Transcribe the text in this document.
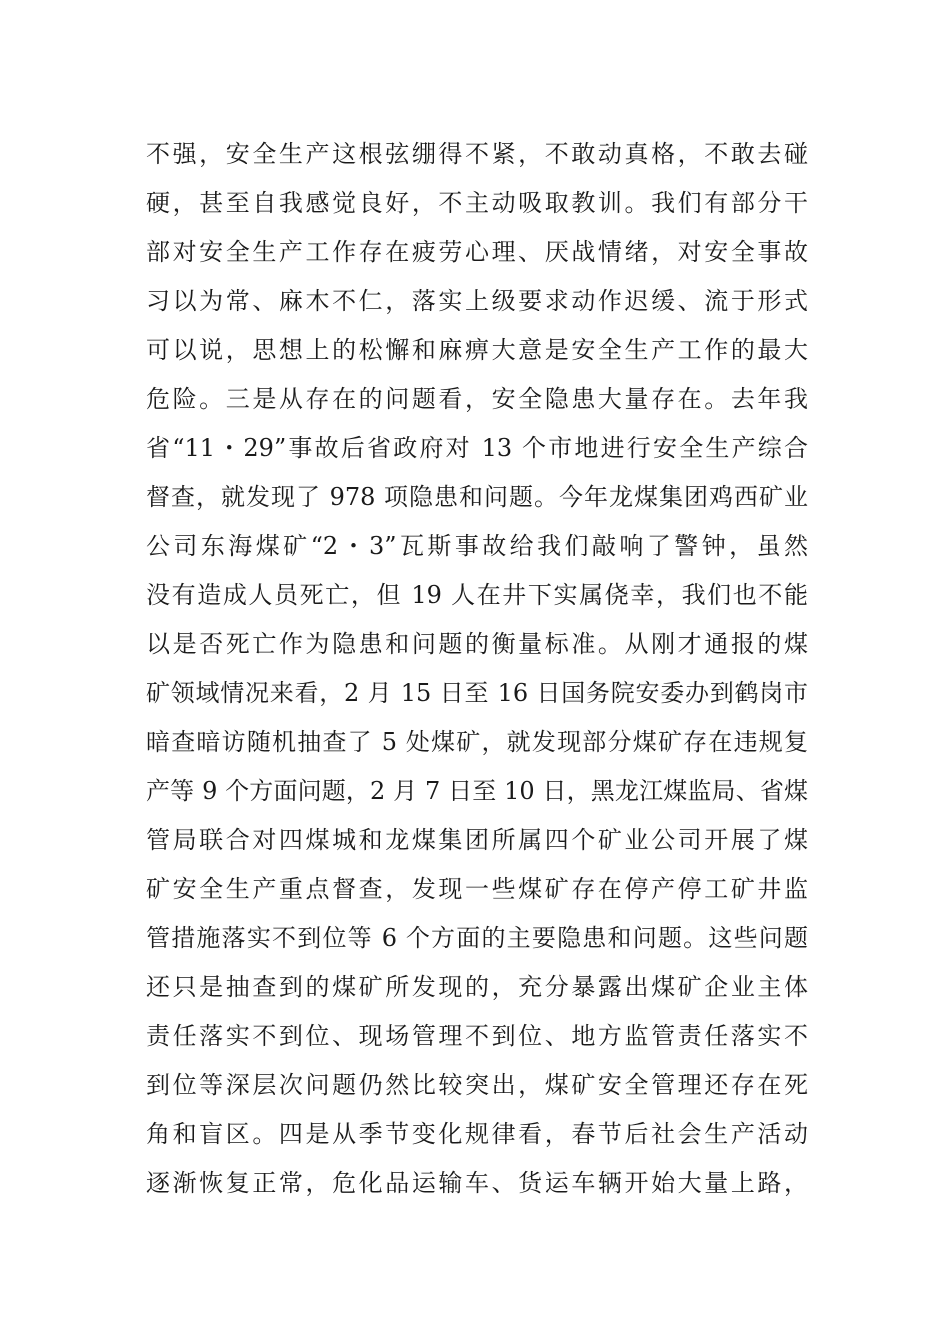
不强，安全生产这根弦绷得不紧，不敢动真格，不敢去碰
硬，甚至自我感觉良好，不主动吸取教训。我们有部分干
部对安全生产工作存在疲劳心理、厌战情绪，对安全事故
习以为常、麻木不仁，落实上级要求动作迟缓、流于形式
可以说，思想上的松懈和麻痹大意是安全生产工作的最大
危险。三是从存在的问题看，安全隐患大量存在。去年我
省“11・29”事故后省政府对 13 个市地进行安全生产综合
督查，就发现了 978 项隐患和问题。今年龙煤集团鸡西矿业
公司东海煤矿“2・3”瓦斯事故给我们敲响了警钟，虽然
没有造成人员死亡，但 19 人在井下实属侥幸，我们也不能
以是否死亡作为隐患和问题的衡量标准。从刚才通报的煤
矿领域情况来看，2 月 15 日至 16 日国务院安委办到鹤岗市
暗查暗访随机抽查了 5 处煤矿，就发现部分煤矿存在违规复
产等 9 个方面问题，2 月 7 日至 10 日，黑龙江煤监局、省煤
管局联合对四煤城和龙煤集团所属四个矿业公司开展了煤
矿安全生产重点督查，发现一些煤矿存在停产停工矿井监
管措施落实不到位等 6 个方面的主要隐患和问题。这些问题
还只是抽查到的煤矿所发现的，充分暴露出煤矿企业主体
责任落实不到位、现场管理不到位、地方监管责任落实不
到位等深层次问题仍然比较突出，煤矿安全管理还存在死
角和盲区。四是从季节变化规律看，春节后社会生产活动
逐渐恢复正常，危化品运输车、货运车辆开始大量上路，
